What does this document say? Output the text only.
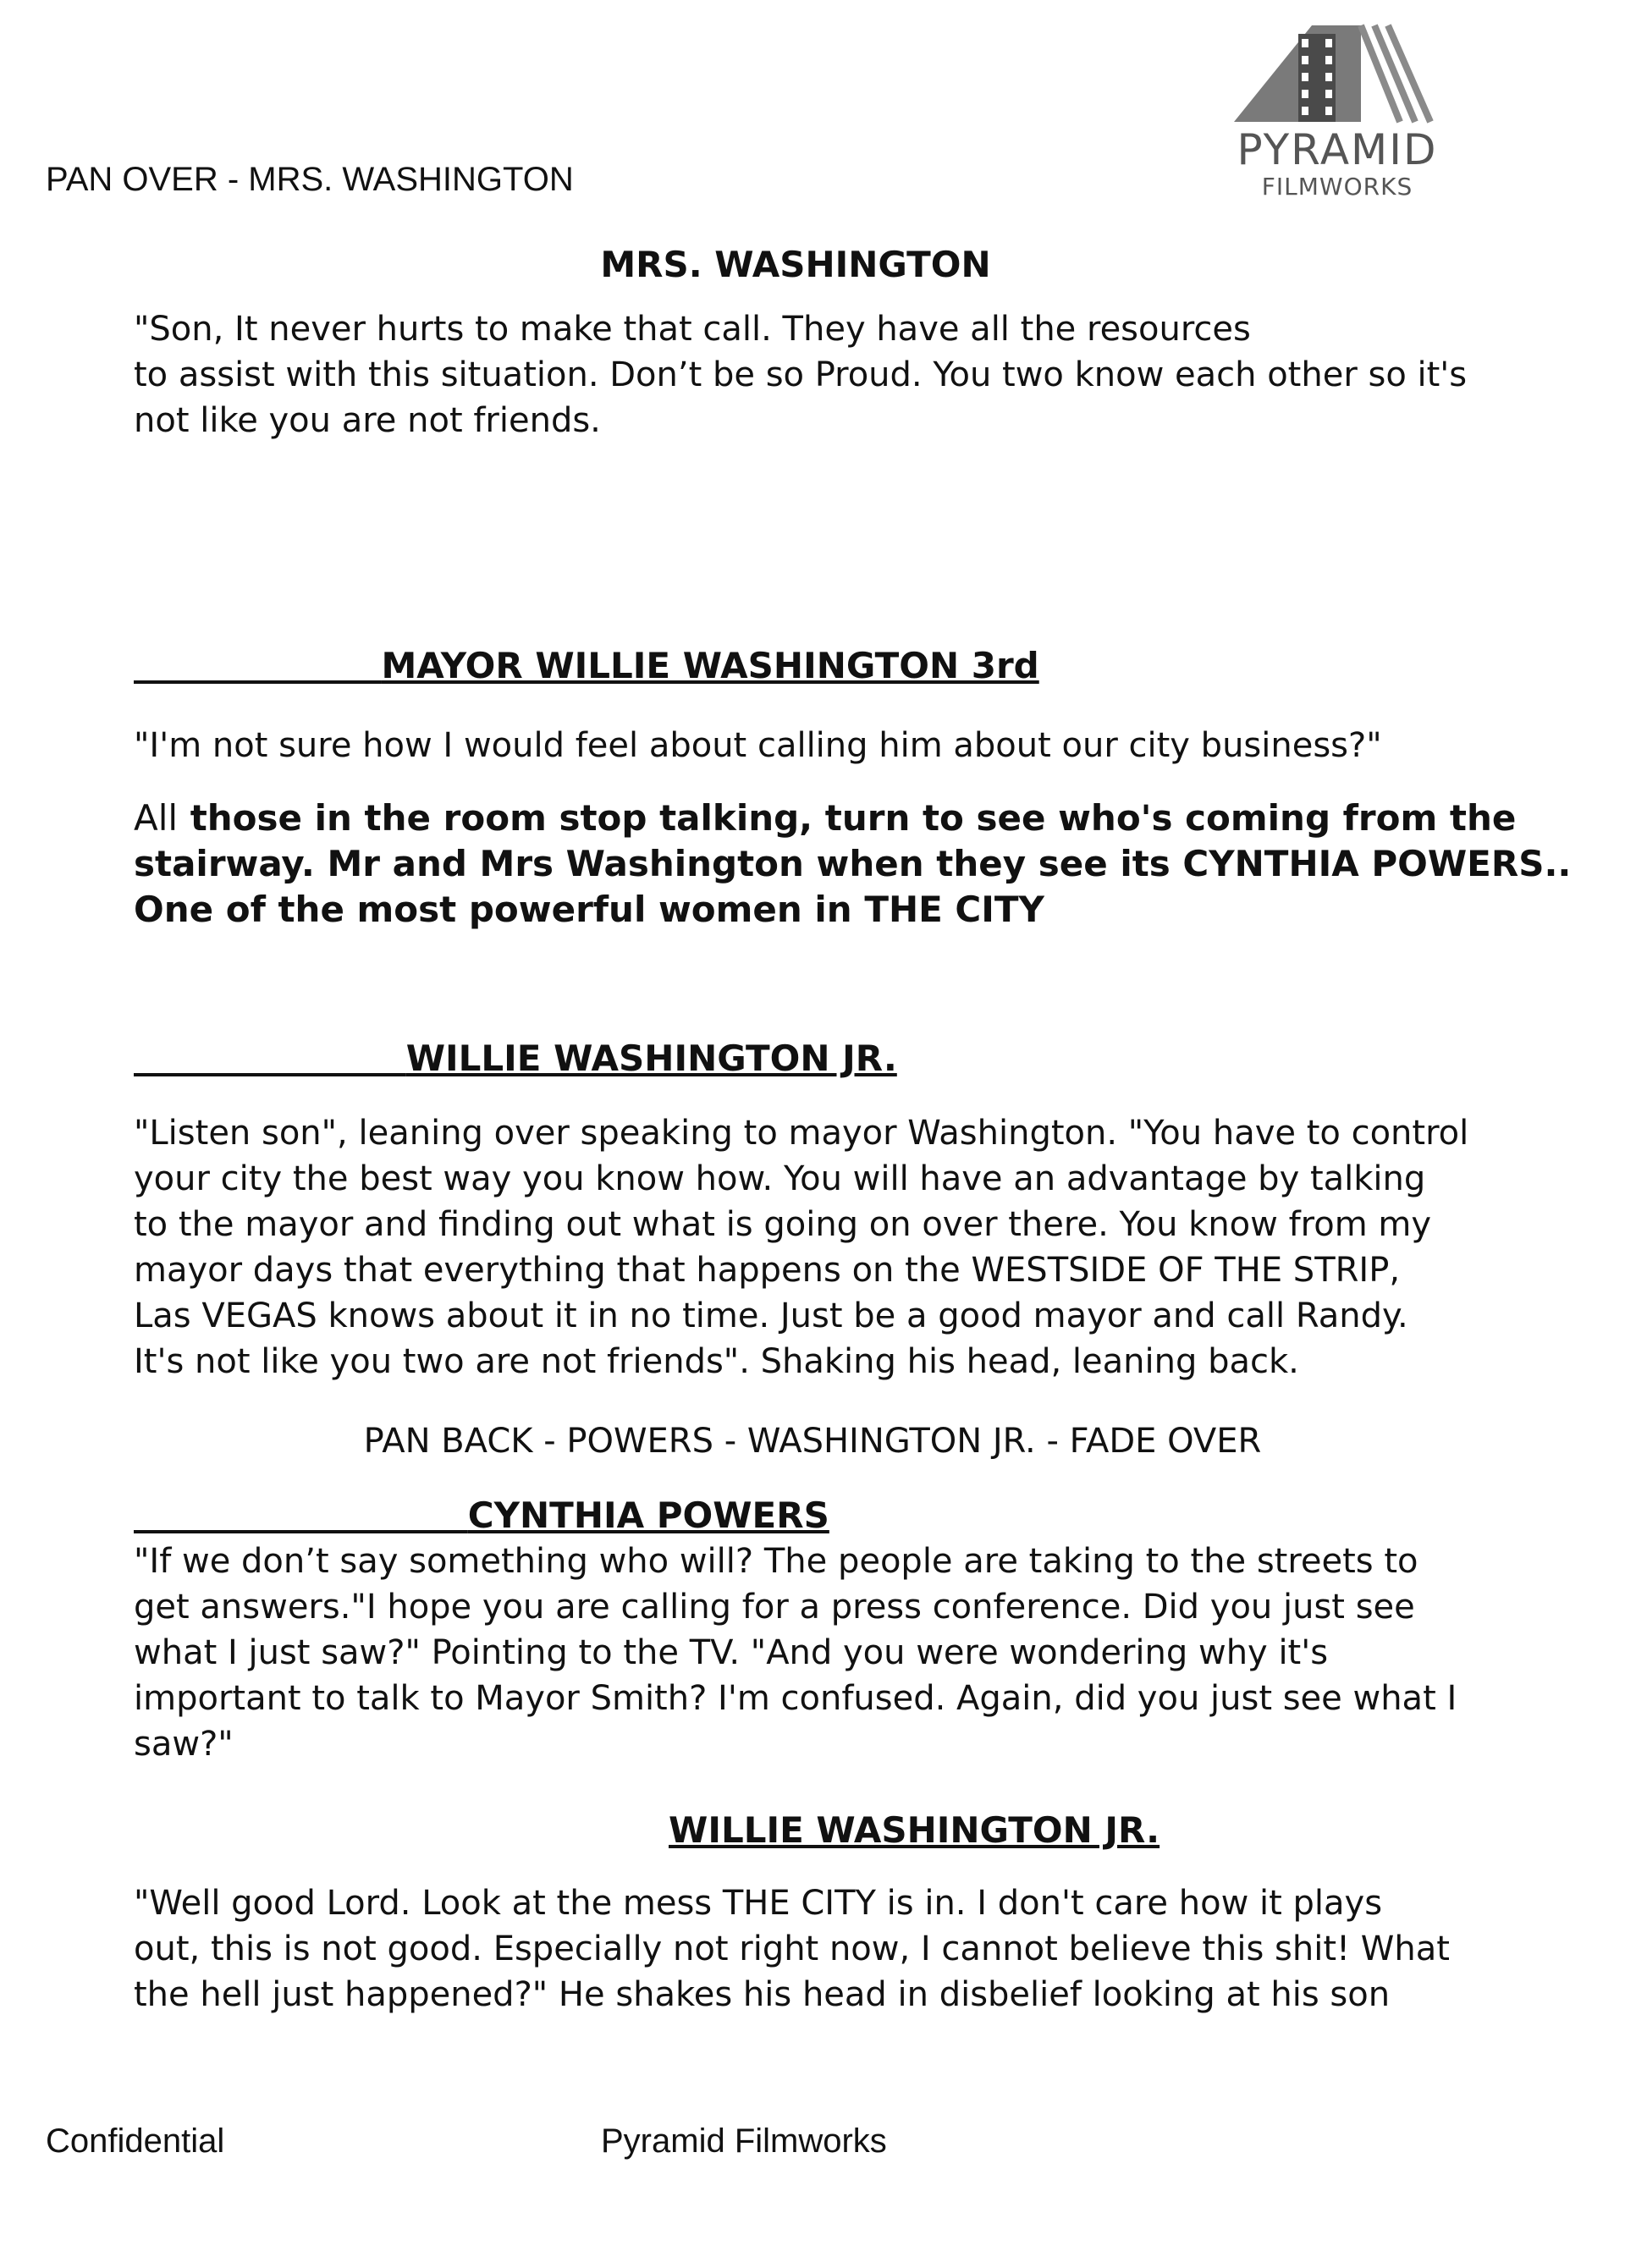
PYRAMID
FILMWORKS
PAN OVER - MRS. WASHINGTON
MRS. WASHINGTON

"Son, It never hurts to make that call. They have all the resources

to assist with this situation. Don’t be so Proud. You two know each other so it's

not like you are not friends.

MAYOR WILLIE WASHINGTON 3rd

"I'm not sure how I would feel about calling him about our city business?"

All those in the room stop talking, turn to see who's coming from the

stairway. Mr and Mrs Washington when they see its CYNTHIA POWERS..

One of the most powerful women in THE CITY

WILLIE WASHINGTON JR.

"Listen son", leaning over speaking to mayor Washington. "You have to control

your city the best way you know how. You will have an advantage by talking

to the mayor and finding out what is going on over there. You know from my

mayor days that everything that happens on the WESTSIDE OF THE STRIP,

Las VEGAS knows about it in no time. Just be a good mayor and call Randy.

It's not like you two are not friends". Shaking his head, leaning back.

PAN BACK - POWERS - WASHINGTON JR. - FADE OVER
CYNTHIA POWERS

"If we don’t say something who will? The people are taking to the streets to

get answers."I hope you are calling for a press conference. Did you just see

what I just saw?" Pointing to the TV. "And you were wondering why it's

important to talk to Mayor Smith? I'm confused. Again, did you just see what I

saw?"

WILLIE WASHINGTON JR.

"Well good Lord. Look at the mess THE CITY is in. I don't care how it plays

out, this is not good. Especially not right now, I cannot believe this shit! What

the hell just happened?" He shakes his head in disbelief looking at his son

Confidential	Pyramid Filmworks
